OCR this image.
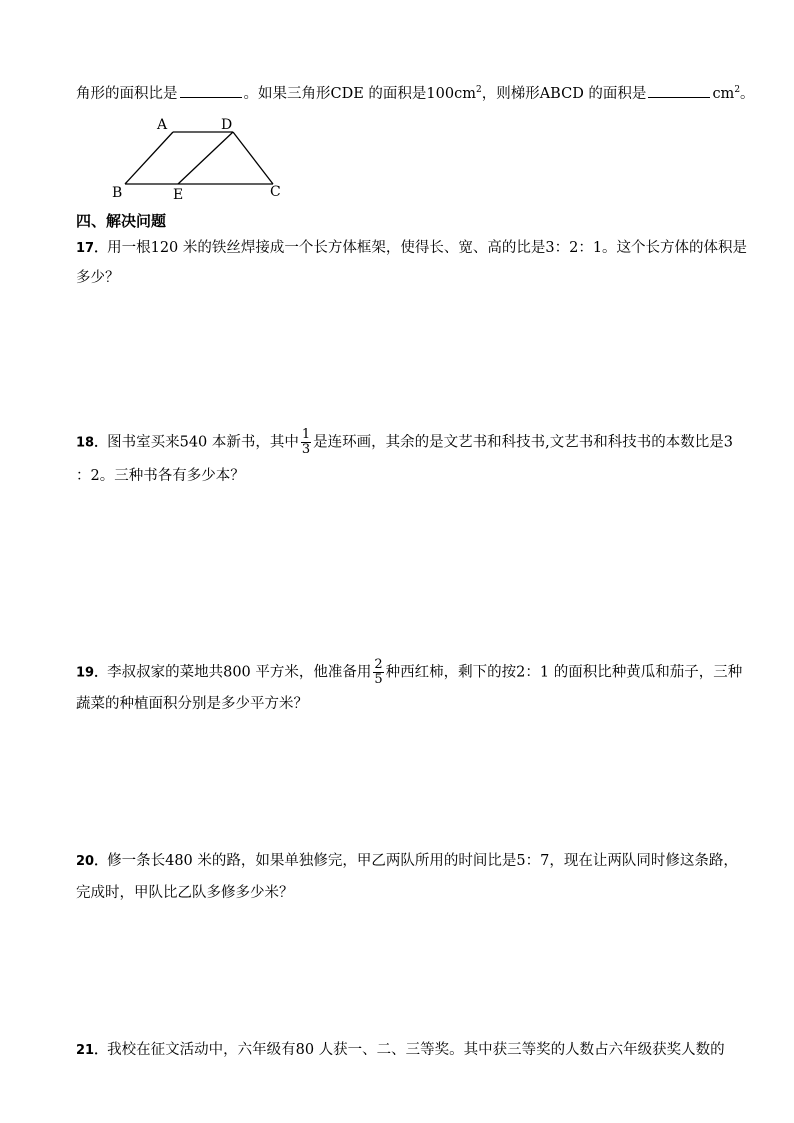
角形的面积比是	。如果三角形CDE 的面积是$100cm^2$，则梯形ABCD 的面积是	$cm^2$。
A	D
B	E	C
四、解决问题
17．用一根120 米的铁丝焊接成一个长方体框架，使得长、宽、高的比是3：2：1。这个长方体的体积是
多少？
18．图书室买来540 本新书，其中 $\frac{1}{3}$ 是连环画，其余的是文艺书和科技书,文艺书和科技书的本数比是3
：2。三种书各有多少本？
19．李叔叔家的菜地共800 平方米，他准备用 $\frac{2}{5}$ 种西红柿，剩下的按2：1 的面积比种黄瓜和茄子，三种
蔬菜的种植面积分别是多少平方米？
20．修一条长480 米的路，如果单独修完，甲乙两队所用的时间比是5：7，现在让两队同时修这条路，
完成时，甲队比乙队多修多少米？
21．我校在征文活动中，六年级有80 人获一、二、三等奖。其中获三等奖的人数占六年级获奖人数的
